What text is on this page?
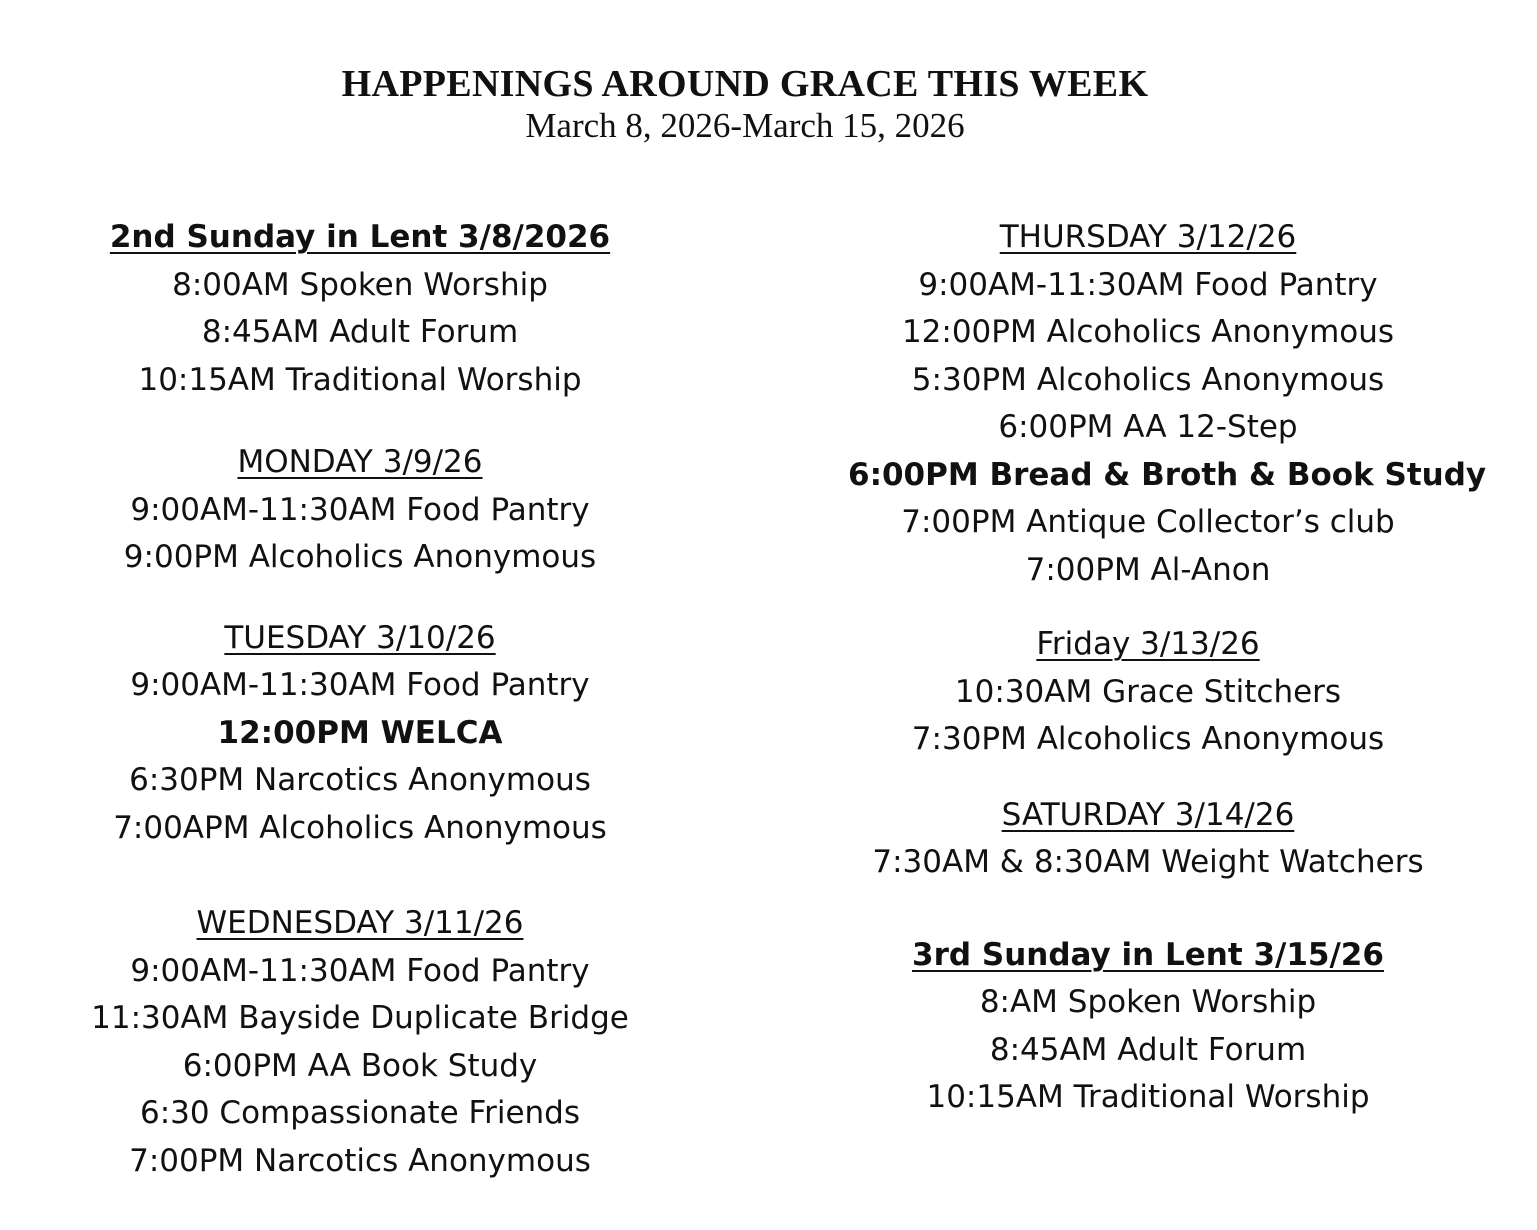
HAPPENINGS AROUND GRACE THIS WEEK
March 8, 2026-March 15, 2026
2nd Sunday in Lent 3/8/2026
8:00AM Spoken Worship
8:45AM Adult Forum
10:15AM Traditional Worship
MONDAY 3/9/26
9:00AM-11:30AM Food Pantry
9:00PM Alcoholics Anonymous
TUESDAY 3/10/26
9:00AM-11:30AM Food Pantry
12:00PM WELCA
6:30PM Narcotics Anonymous
7:00APM Alcoholics Anonymous
WEDNESDAY 3/11/26
9:00AM-11:30AM Food Pantry
11:30AM Bayside Duplicate Bridge
6:00PM AA Book Study
6:30 Compassionate Friends
7:00PM Narcotics Anonymous
THURSDAY 3/12/26
9:00AM-11:30AM Food Pantry
12:00PM Alcoholics Anonymous
5:30PM Alcoholics Anonymous
6:00PM AA 12-Step
6:00PM Bread & Broth & Book Study
7:00PM Antique Collector’s club
7:00PM Al-Anon
Friday 3/13/26
10:30AM Grace Stitchers
7:30PM Alcoholics Anonymous
SATURDAY 3/14/26
7:30AM & 8:30AM Weight Watchers
3rd Sunday in Lent 3/15/26
8:AM Spoken Worship
8:45AM Adult Forum
10:15AM Traditional Worship
